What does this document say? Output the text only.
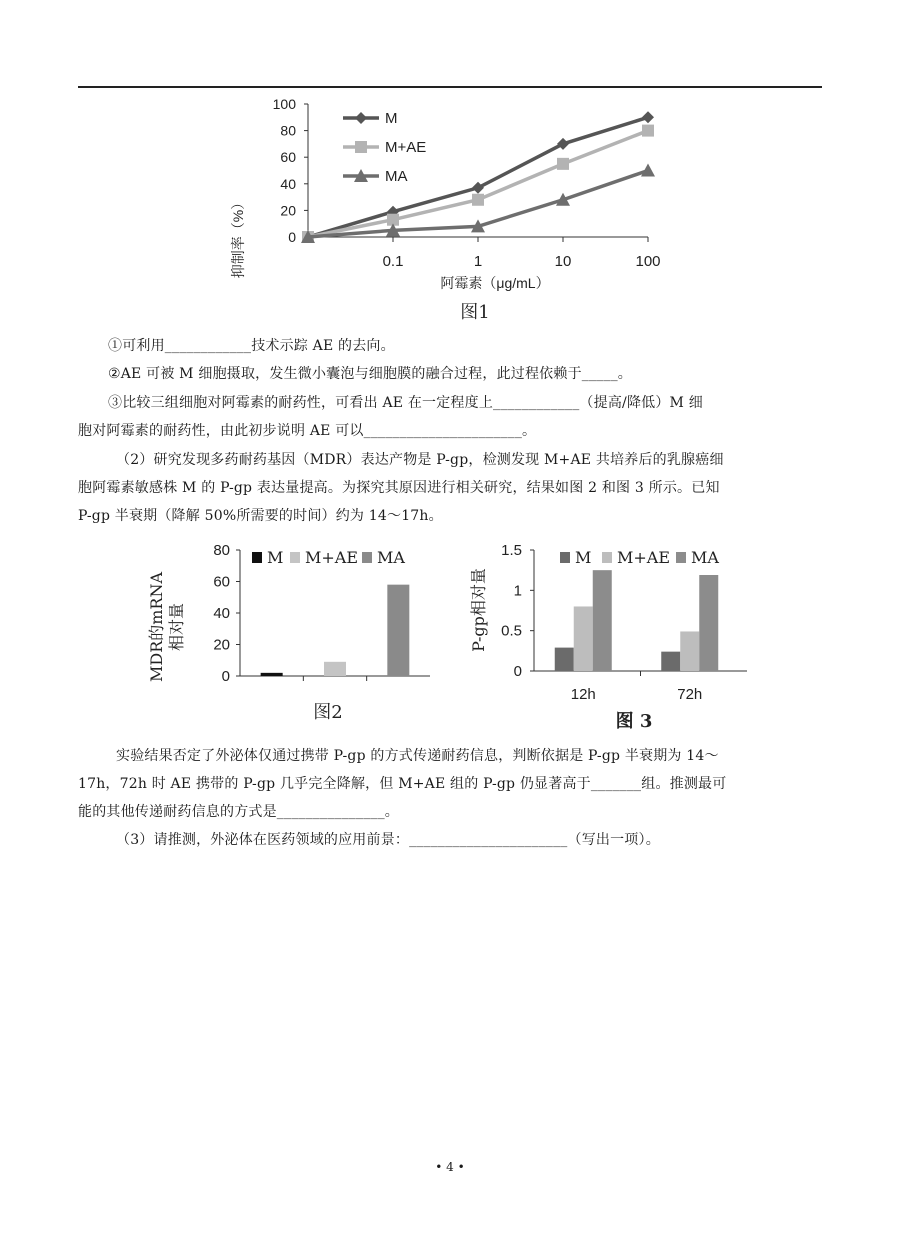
0
20
40
60
80
100
0.1	1	10	100
M
M+AE
MA
抑制率（%）
阿霉素（μg/mL）
图1
①可利用____________技术示踪 AE 的去向。
②AE 可被 M 细胞摄取，发生微小囊泡与细胞膜的融合过程，此过程依赖于_____。
③比较三组细胞对阿霉素的耐药性，可看出 AE 在一定程度上____________（提高/降低）M 细
胞对阿霉素的耐药性，由此初步说明 AE 可以______________________。
（2）研究发现多药耐药基因（MDR）表达产物是 P-gp，检测发现 M+AE 共培养后的乳腺癌细
胞阿霉素敏感株 M 的 P-gp 表达量提高。为探究其原因进行相关研究，结果如图 2 和图 3 所示。已知
P-gp 半衰期（降解 50%所需要的时间）约为 14～17h。
0
20
40
60
80 M M+AE MA
MDR的mRNA 相对量
图2
0
0.5
1
1.5
12h	72h
M M+AE MA
P-gp相对量
图 3
实验结果否定了外泌体仅通过携带 P-gp 的方式传递耐药信息，判断依据是 P-gp 半衰期为 14～
17h，72h 时 AE 携带的 P-gp 几乎完全降解，但 M+AE 组的 P-gp 仍显著高于_______组。推测最可
能的其他传递耐药信息的方式是_______________。
（3）请推测，外泌体在医药领域的应用前景：______________________（写出一项）。
• 4 •
